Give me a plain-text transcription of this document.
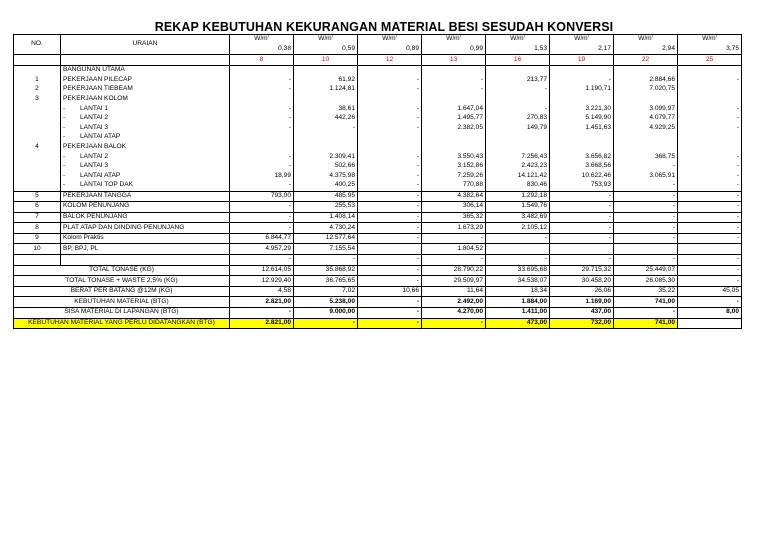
REKAP KEBUTUHAN KEKURANGAN MATERIAL BESI SESUDAH KONVERSI
NO.	URAIAN	W/m'	W/m'	W/m'	W/m'	W/m'	W/m'	W/m'	W/m'
		0,38	0,59	0,89	0,99	1,53	2,17	2,94	3,75
		8	10	12	13	16	19	22	25
	BANGUNAN UTAMA								
1	PEKERJAAN PILECAP	-	61,92	-	-	213,77	-	2.884,66	-
2	PEKERJAAN TIEBEAM	-	1.124,81	-	-	-	1.190,71	7.020,75	
3	PEKERJAAN KOLOM								
	- LANTAI 1	-	38,61	-	1.647,04	-	3.221,30	3.099,97	-
	- LANTAI 2	-	442,26	-	1.495,77	270,83	5.149,90	4.079,77	-
	- LANTAI 3	-	-	-	2.382,05	149,79	1.451,63	4.929,25	-
	- LANTAI ATAP								
4	PEKERJAAN BALOK								
	- LANTAI 2	-	2.309,41	-	3.550,43	7.256,43	3.656,82	368,75	-
	- LANTAI 3	-	502,66	-	3.152,86	2.423,23	3.668,56	-	-
	- LANTAI ATAP	18,99	4.375,98	-	7.259,26	14.121,42	10.622,46	3.065,91	-
	- LANTAI TOP DAK	-	400,25	-	770,88	830,46	753,93	-	-
5	PEKERJAAN TANGGA	793,00	485,95	-	4.382,64	1.292,18	-	-	-
6	KOLOM PENUNJANG	-	255,53	-	306,14	1.549,76	-	-	-
7	BALOK PENUNJANG	-	1.408,14	-	365,32	3.482,69	-	-	-
8	PLAT ATAP DAN DINDING PENUNJANG	-	4.730,24	-	1.673,29	2.105,12	-	-	-
9	Kolom Praktis	6.844,77	12.577,64	-	-	-	-	-	-
10	BP, BPJ, PL	4.957,29	7.155,54		1.804,52				
		-	-	-	-	-	-	-	-
TOTAL TONASE (KG)		12.614,05	35.868,92	-	28.790,22	33.695,68	29.715,32	25.449,07	-
TOTAL TONASE + WASTE 2,5% (KG)		12.929,40	36.765,65	-	29.509,97	34.538,07	30.458,20	26.085,30	-
BERAT PER BATANG @12M (KG)		4,58	7,02	10,66	11,64	18,34	26,06	35,22	45,05
KEBUTUHAN MATERIAL (BTG)		2.821,00	5.238,00	-	2.492,00	1.884,00	1.169,00	741,00	-
SISA MATERIAL DI LAPANGAN (BTG)		-	9.000,00	-	4.270,00	1.411,00	437,00	-	8,00
KEBUTUHAN MATERIAL YANG PERLU DIDATANGKAN (BTG)		2.821,00	-	-	-	473,00	732,00	741,00	
